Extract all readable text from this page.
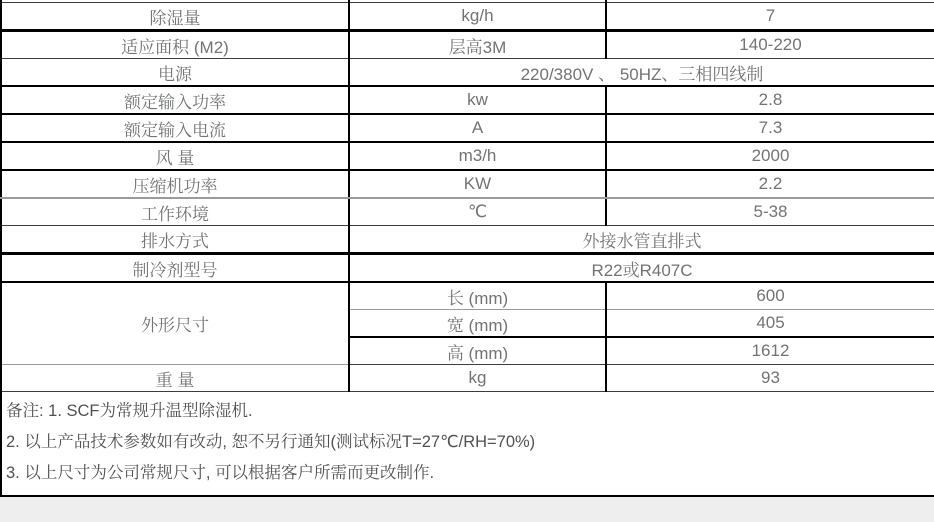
除湿量	kg/h	7
适应面积 (M2)	层高3M	140-220
电源	220/380V 、 50HZ、三相四线制	
额定输入功率	kw	2.8
额定输入电流	A	7.3
风 量	m3/h	2000
压缩机功率	KW	2.2
工作环境	℃	5-38
排水方式	外接水管直排式	
制冷剂型号	R22或R407C	
外形尺寸	长 (mm)	600
	宽 (mm)	405
	高 (mm)	1612
重 量	kg	93

备注: 1. SCF为常规升温型除湿机.
2. 以上产品技术参数如有改动, 恕不另行通知(测试标况T=27℃/RH=70%)
3. 以上尺寸为公司常规尺寸, 可以根据客户所需而更改制作.		
